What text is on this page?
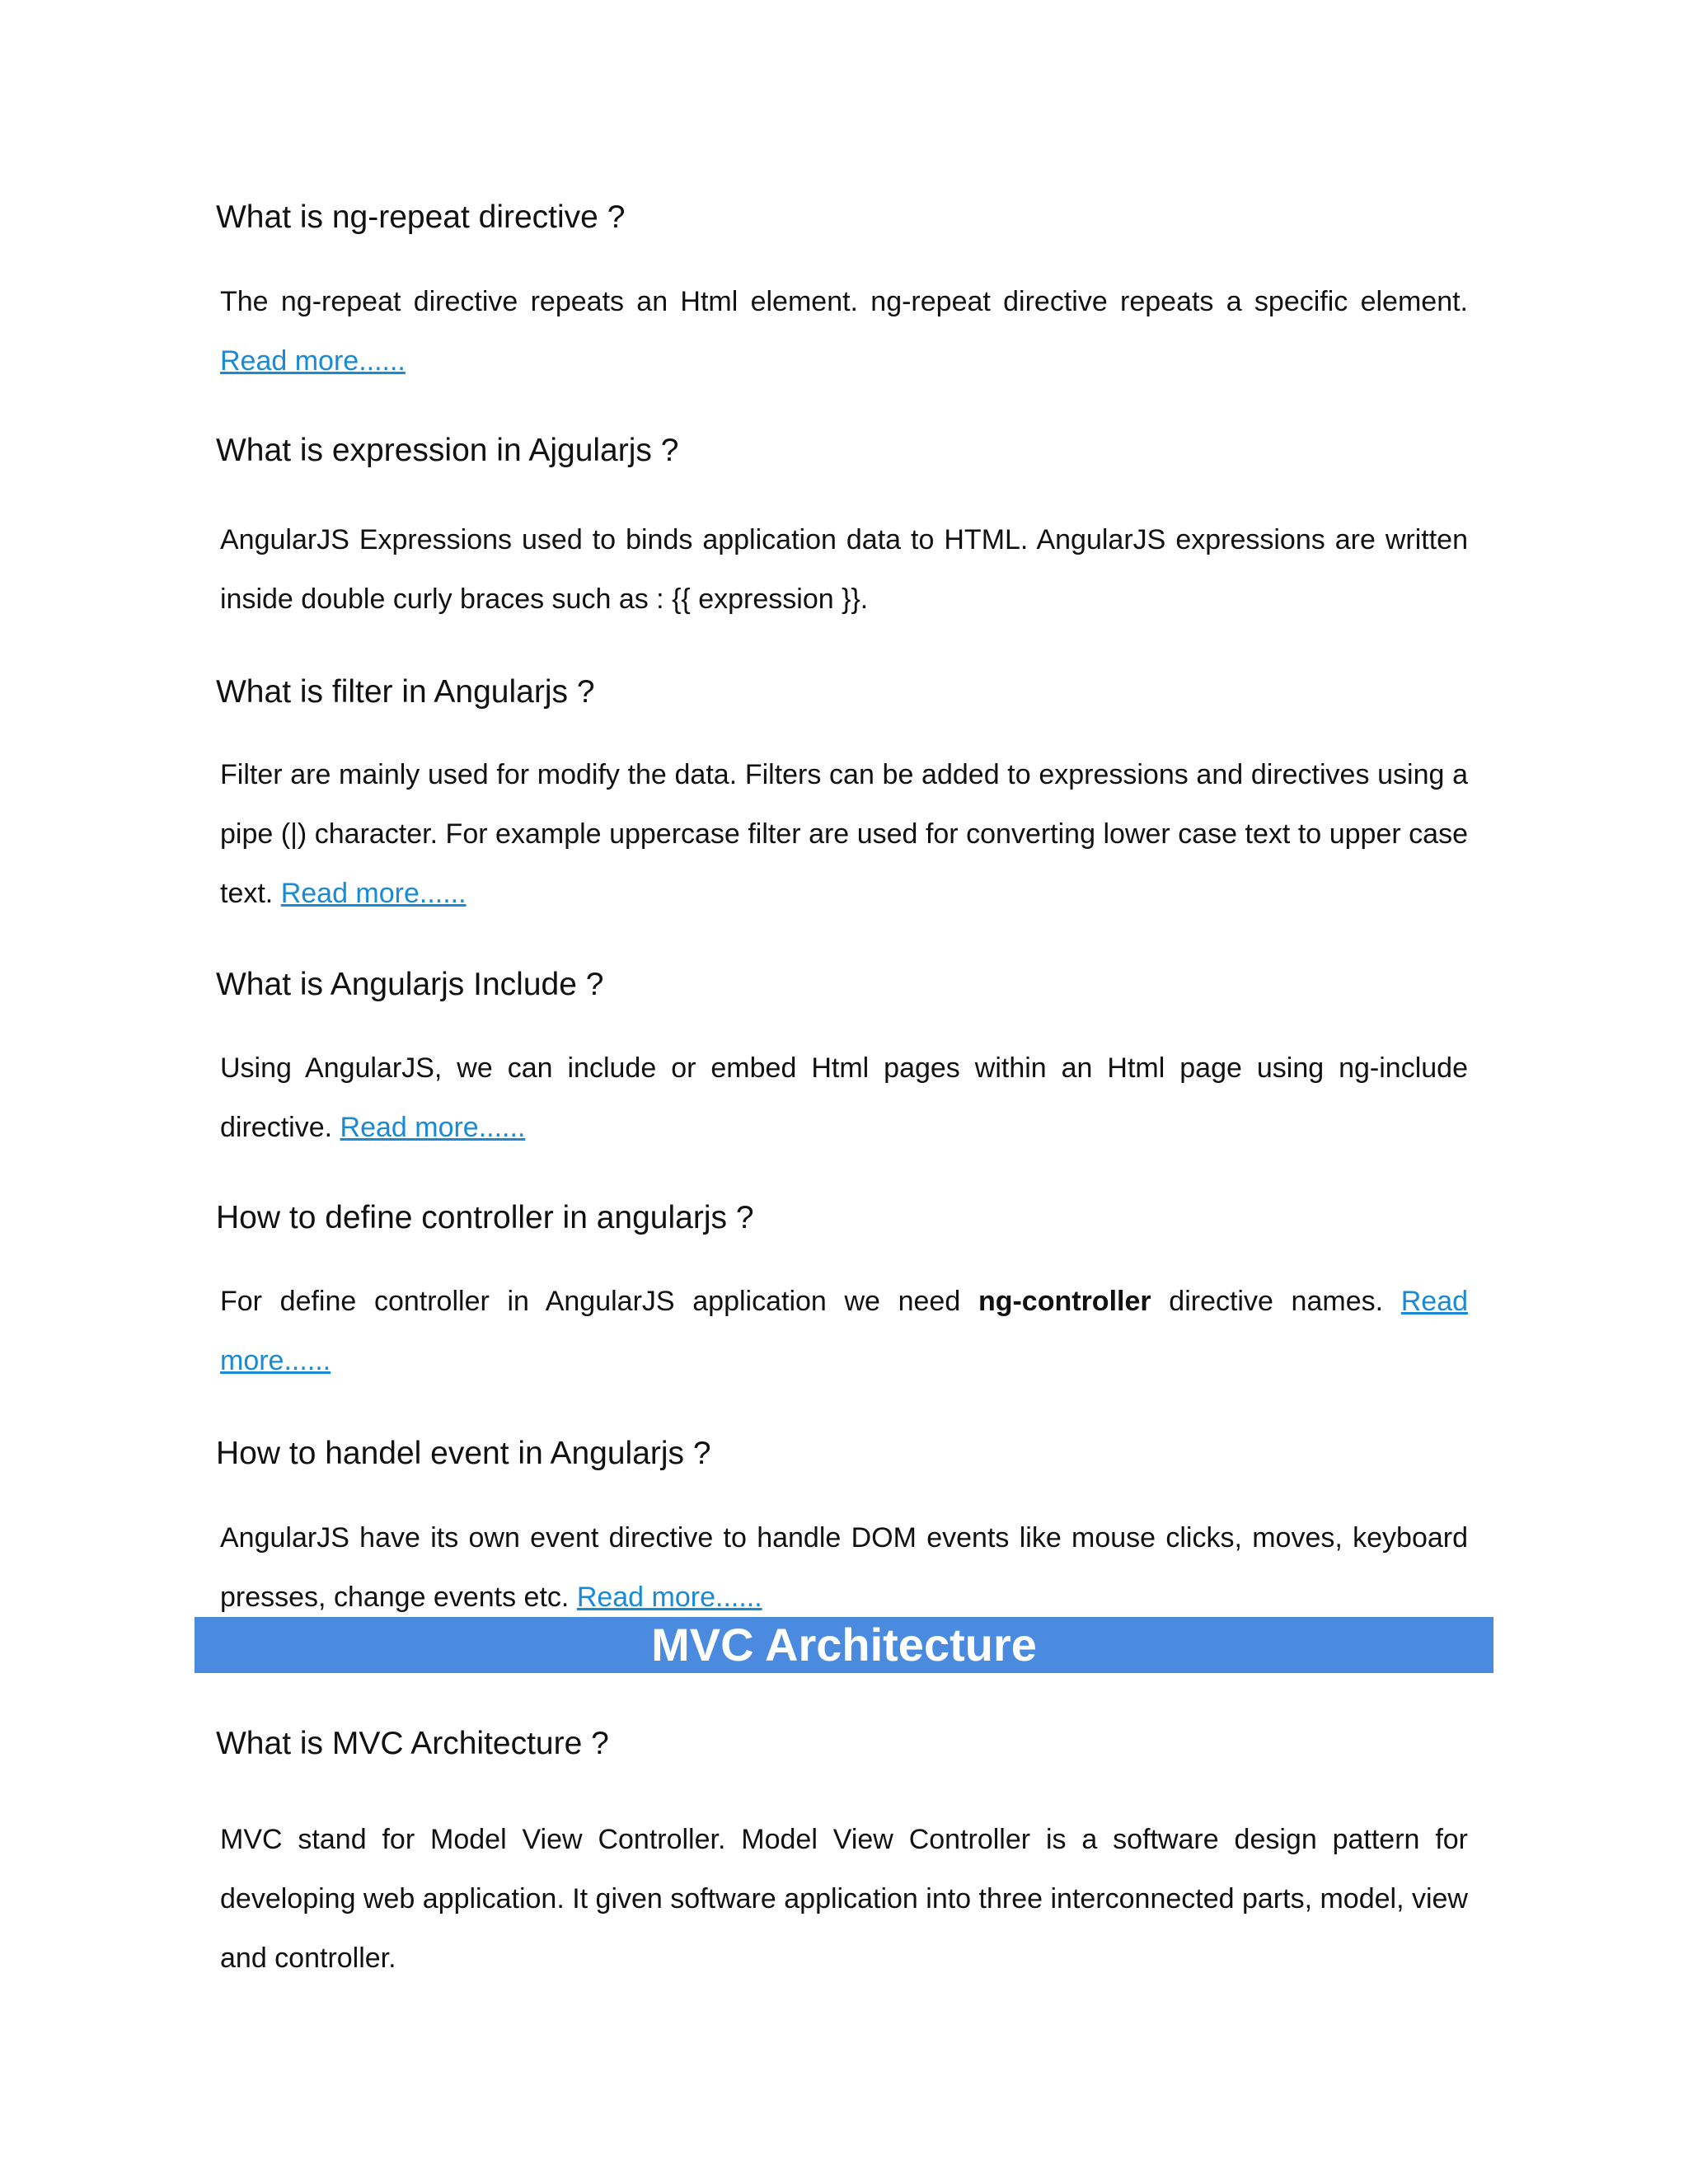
What is ng-repeat directive ?

The ng-repeat directive repeats an Html element. ng-repeat directive repeats a specific element. Read more......

What is expression in Ajgularjs ?

AngularJS Expressions used to binds application data to HTML. AngularJS expressions are written inside double curly braces such as : {{ expression }}.

What is filter in Angularjs ?

Filter are mainly used for modify the data. Filters can be added to expressions and directives using a pipe (|) character. For example uppercase filter are used for converting lower case text to upper case text. Read more......

What is Angularjs Include ?

Using AngularJS, we can include or embed Html pages within an Html page using ng-include directive. Read more......

How to define controller in angularjs ?

For define controller in AngularJS application we need ng-controller directive names. Read more......

How to handel event in Angularjs ?

AngularJS have its own event directive to handle DOM events like mouse clicks, moves, keyboard presses, change events etc. Read more......

MVC Architecture
What is MVC Architecture ?

MVC stand for Model View Controller. Model View Controller is a software design pattern for developing web application. It given software application into three interconnected parts, model, view and controller.
